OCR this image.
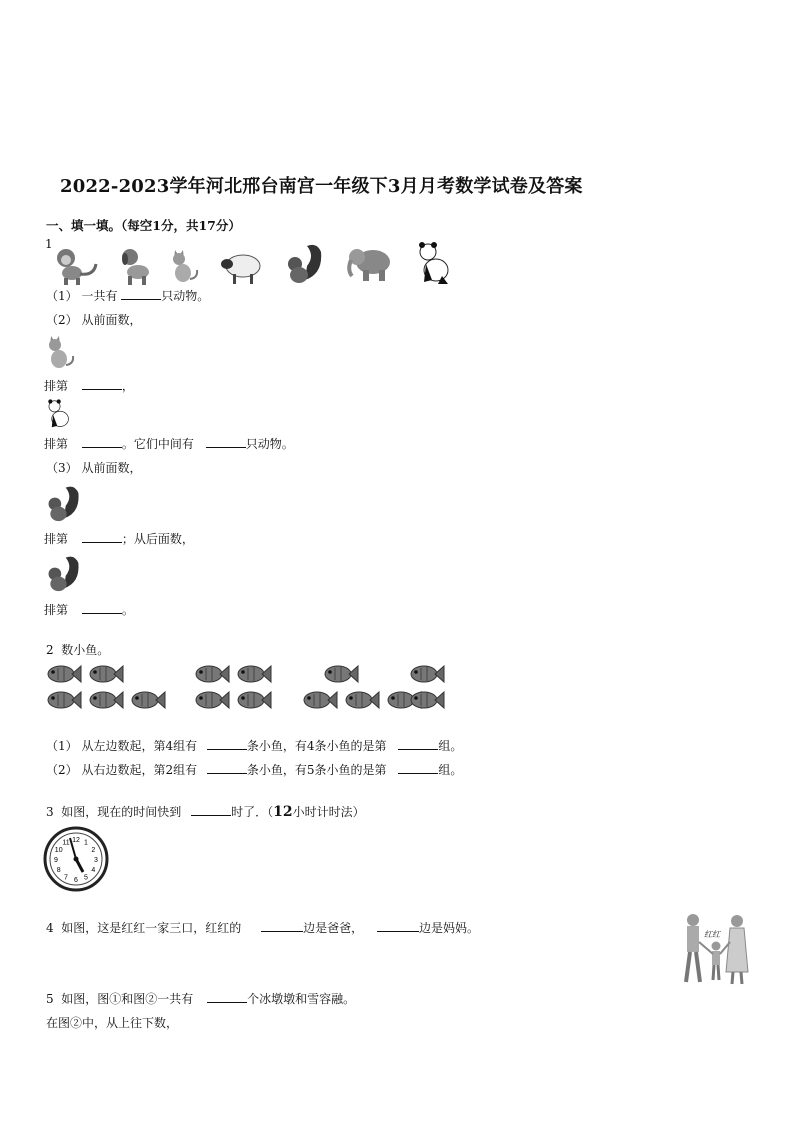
2022-2023学年河北邢台南宫一年级下3月月考数学试卷及答案
一、填一填。（每空1分，共17分）
1
（1） 一共有	只动物。
（2） 从前面数，
排第	，
排第	。它们中间有	只动物。
（3） 从前面数，
排第	；从后面数，
排第	。
2 数小鱼。
（1） 从左边数起，第4组有	条小鱼，有4条小鱼的是第	组。
（2） 从右边数起，第2组有	条小鱼，有5条小鱼的是第	组。
3 如图，现在的时间快到	时了．（12小时计时法）
12 1
2
3
4
5
6
7
8
9
10
11
4 如图，这是红红一家三口，红红的	边是爸爸，	边是妈妈。	红红
5 如图，图①和图②一共有	个冰墩墩和雪容融。
在图②中，从上往下数，
